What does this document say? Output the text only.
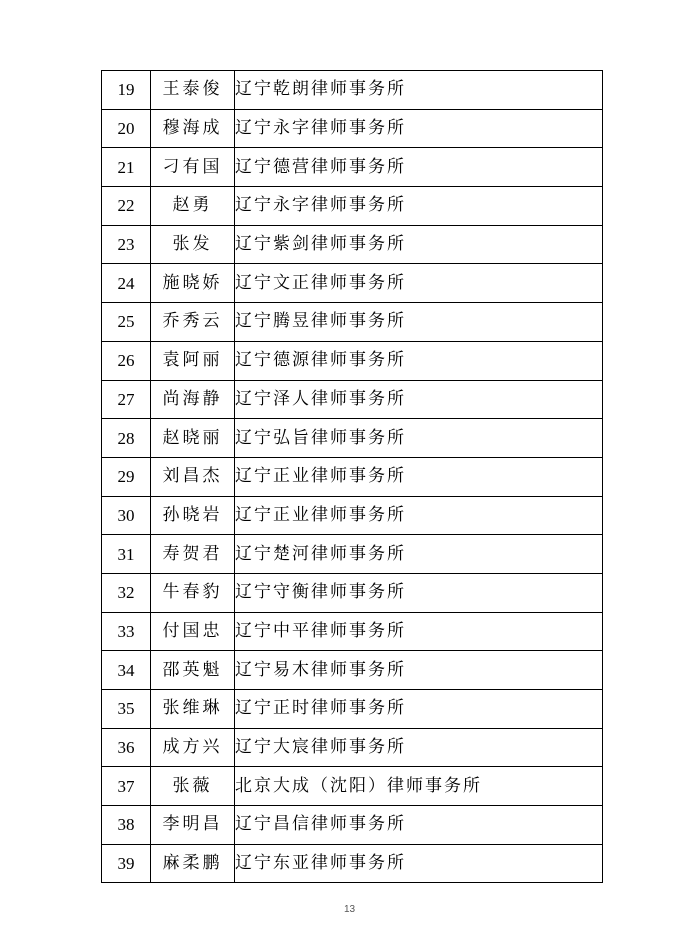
19	王泰俊	辽宁乾朗律师事务所
20	穆海成	辽宁永字律师事务所
21	刁有国	辽宁德营律师事务所
22	赵勇	辽宁永字律师事务所
23	张发	辽宁紫剑律师事务所
24	施晓娇	辽宁文正律师事务所
25	乔秀云	辽宁腾昱律师事务所
26	袁阿丽	辽宁德源律师事务所
27	尚海静	辽宁泽人律师事务所
28	赵晓丽	辽宁弘旨律师事务所
29	刘昌杰	辽宁正业律师事务所
30	孙晓岩	辽宁正业律师事务所
31	寿贺君	辽宁楚河律师事务所
32	牛春豹	辽宁守衡律师事务所
33	付国忠	辽宁中平律师事务所
34	邵英魁	辽宁易木律师事务所
35	张维琳	辽宁正时律师事务所
36	成方兴	辽宁大宸律师事务所
37	张薇	北京大成（沈阳）律师事务所
38	李明昌	辽宁昌信律师事务所
39	麻柔鹏	辽宁东亚律师事务所
13
